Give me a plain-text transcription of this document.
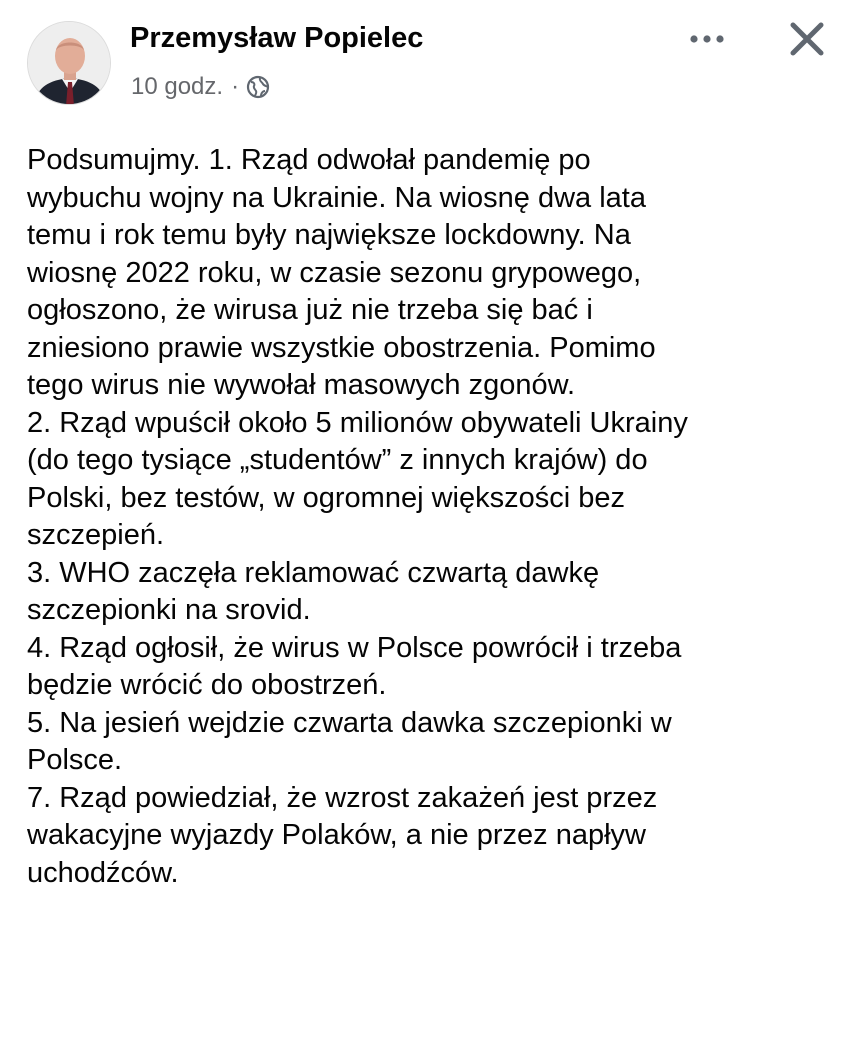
Przemysław Popielec
10 godz. ·
Podsumujmy. 1. Rząd odwołał pandemię po
wybuchu wojny na Ukrainie. Na wiosnę dwa lata
temu i rok temu były największe lockdowny. Na
wiosnę 2022 roku, w czasie sezonu grypowego,
ogłoszono, że wirusa już nie trzeba się bać i
zniesiono prawie wszystkie obostrzenia. Pomimo
tego wirus nie wywołał masowych zgonów.
2. Rząd wpuścił około 5 milionów obywateli Ukrainy
(do tego tysiące „studentów” z innych krajów) do
Polski, bez testów, w ogromnej większości bez
szczepień.
3. WHO zaczęła reklamować czwartą dawkę
szczepionki na srovid.
4. Rząd ogłosił, że wirus w Polsce powrócił i trzeba
będzie wrócić do obostrzeń.
5. Na jesień wejdzie czwarta dawka szczepionki w
Polsce.
7. Rząd powiedział, że wzrost zakażeń jest przez
wakacyjne wyjazdy Polaków, a nie przez napływ
uchodźców.
